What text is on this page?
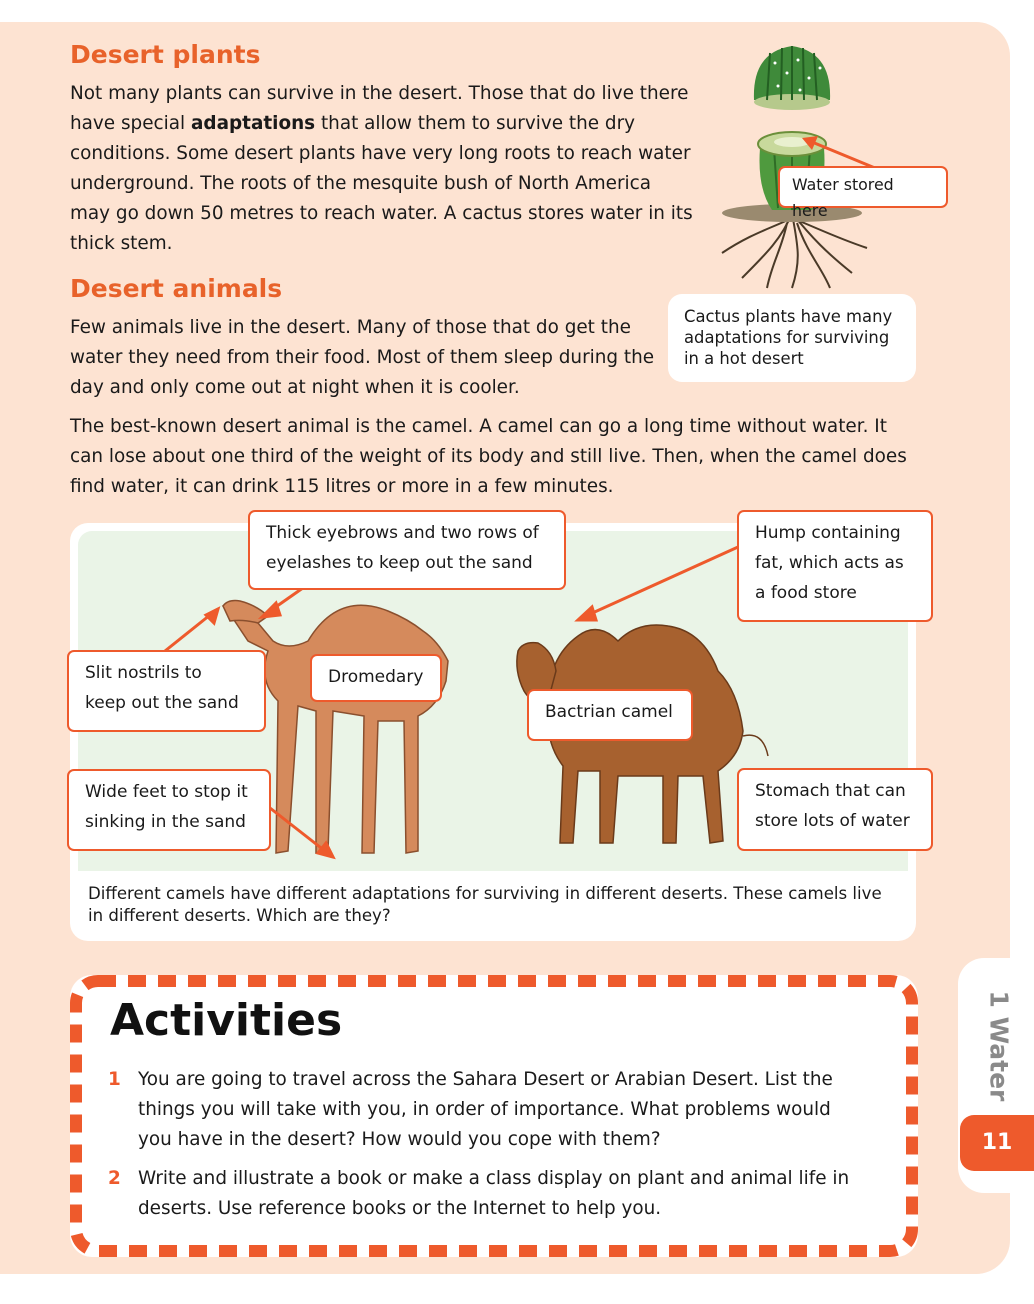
Desert plants
Not many plants can survive in the desert. Those that do live there have special adaptations that allow them to survive the dry conditions. Some desert plants have very long roots to reach water underground. The roots of the mesquite bush of North America may go down 50 metres to reach water. A cactus stores water in its thick stem.
Water stored here
Cactus plants have many adaptations for surviving in a hot desert
Desert animals
Few animals live in the desert. Many of those that do get the water they need from their food. Most of them sleep during the day and only come out at night when it is cooler.
The best-known desert animal is the camel. A camel can go a long time without water. It can lose about one third of the weight of its body and still live. Then, when the camel does find water, it can drink 115 litres or more in a few minutes.
Different camels have different adaptations for surviving in different deserts. These camels live in different deserts. Which are they?
Thick eyebrows and two rows of eyelashes to keep out the sand
Hump containing fat, which acts as a food store
Slit nostrils to keep out the sand
Dromedary
Bactrian camel
Wide feet to stop it sinking in the sand
Stomach that can store lots of water
Activities
1 You are going to travel across the Sahara Desert or Arabian Desert. List the things you will take with you, in order of importance. What problems would you have in the desert? How would you cope with them?
2 Write and illustrate a book or make a class display on plant and animal life in deserts. Use reference books or the Internet to help you.
1 Water
11
